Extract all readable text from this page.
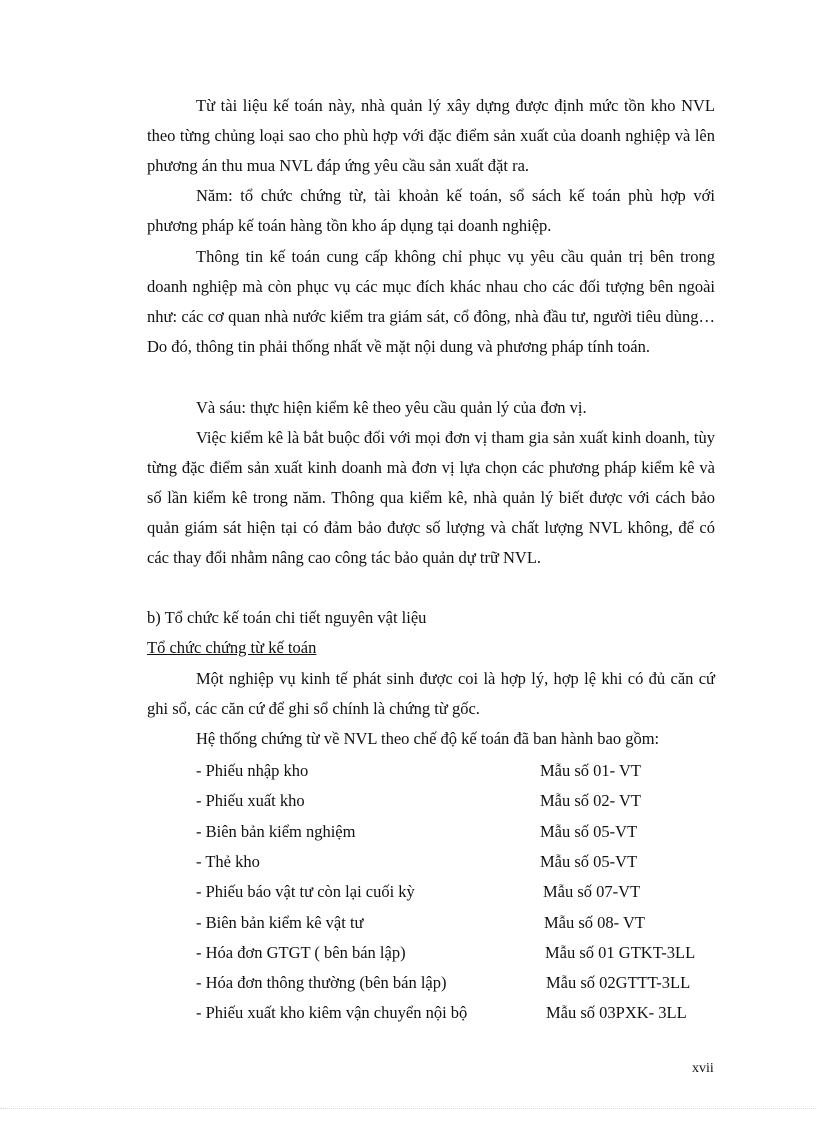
Từ tài liệu kế toán này, nhà quản lý xây dựng được định mức tồn kho NVL theo từng chủng loại sao cho phù hợp với đặc điểm sản xuất của doanh nghiệp và lên phương án thu mua NVL đáp ứng yêu cầu sản xuất đặt ra.

Năm: tổ chức chứng từ, tài khoản kế toán, sổ sách kế toán phù hợp với phương pháp kế toán hàng tồn kho áp dụng tại doanh nghiệp.

Thông tin kế toán cung cấp không chỉ phục vụ yêu cầu quản trị bên trong doanh nghiệp mà còn phục vụ các mục đích khác nhau cho các đối tượng bên ngoài như: các cơ quan nhà nước kiểm tra giám sát, cổ đông, nhà đầu tư, người tiêu dùng… Do đó, thông tin phải thống nhất về mặt nội dung và phương pháp tính toán.

Và sáu: thực hiện kiểm kê theo yêu cầu quản lý của đơn vị.

Việc kiểm kê là bắt buộc đối với mọi đơn vị tham gia sản xuất kinh doanh, tùy từng đặc điểm sản xuất kinh doanh mà đơn vị lựa chọn các phương pháp kiểm kê và số lần kiểm kê trong năm. Thông qua kiểm kê, nhà quản lý biết được với cách bảo quản giám sát hiện tại có đảm bảo được số lượng và chất lượng NVL không, để có các thay đổi nhằm nâng cao công tác bảo quản dự trữ NVL.

b) Tổ chức kế toán chi tiết nguyên vật liệu

Tổ chức chứng từ kế toán

Một nghiệp vụ kinh tế phát sinh được coi là hợp lý, hợp lệ khi có đủ căn cứ ghi sổ, các căn cứ để ghi sổ chính là chứng từ gốc.

Hệ thống chứng từ về NVL theo chế độ kế toán đã ban hành bao gồm:

- Phiếu nhập kho	Mẫu số 01- VT
- Phiếu xuất kho	Mẫu số 02- VT
- Biên bản kiểm nghiệm	Mẫu số 05-VT
- Thẻ kho	Mẫu số 05-VT
- Phiếu báo vật tư còn lại cuối kỳ	Mẫu số 07-VT
- Biên bản kiểm kê vật tư	Mẫu số 08- VT
- Hóa đơn GTGT ( bên bán lập)	Mẫu số 01 GTKT-3LL
- Hóa đơn thông thường (bên bán lập)	Mẫu số 02GTTT-3LL
- Phiếu xuất kho kiêm vận chuyển nội bộ	Mẫu số 03PXK- 3LL
xvii
